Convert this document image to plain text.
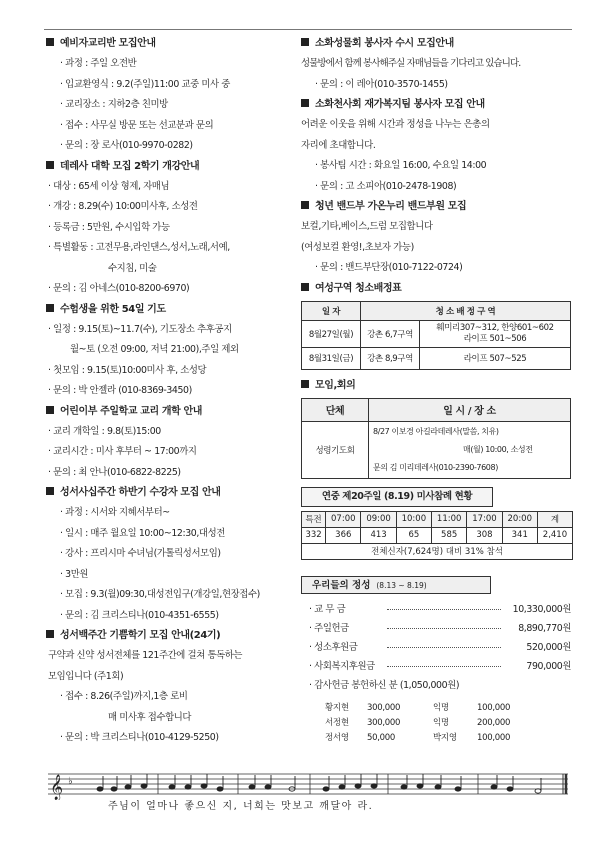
예비자교리반 모집안내
· 과정 : 주일 오전반
· 입교환영식 : 9.2(주일)11:00 교중 미사 중
· 교리장소 : 지하2층 친미방
· 접수 : 사무실 방문 또는 선교분과 문의
· 문의 : 장 로사(010-9970-0282)
데레사 대학 모집 2학기 개강안내
· 대상 : 65세 이상 형제, 자매님
· 개강 : 8.29(수) 10:00미사후, 소성전
· 등록금 : 5만원, 수시입학 가능
· 특별활동 : 고전무용,라인댄스,성서,노래,서예,
수지침, 미술
· 문의 : 김 아네스(010-8200-6970)
수험생을 위한 54일 기도
· 일정 : 9.15(토)~11.7(수), 기도장소 추후공지
월~토 (오전 09:00, 저녁 21:00),주일 제외
· 첫모임 : 9.15(토)10:00미사 후, 소성당
· 문의 : 박 안젤라 (010-8369-3450)
어린이부 주일학교 교리 개학 안내
· 교리 개학일 : 9.8(토)15:00
· 교리시간 : 미사 후부터 ~ 17:00까지
· 문의 : 최 안나(010-6822-8225)
성서사십주간 하반기 수강자 모집 안내
· 과정 : 시서와 지혜서부터~
· 일시 : 매주 월요일 10:00~12:30,대성전
· 강사 : 프리시마 수녀님(가톨릭성서모임)
· 3만원
· 모집 : 9.3(월)09:30,대성전입구(개강일,현장접수)
· 문의 : 김 크리스티나(010-4351-6555)
성서백주간 기쁨학기 모집 안내(24기)
구약과 신약 성서전체를 121주간에 걸쳐 통독하는
모임입니다 (주1회)
· 접수 : 8.26(주일)까지,1층 로비
매 미사후 접수합니다
· 문의 : 박 크리스티나(010-4129-5250)
소화성물회 봉사자 수시 모집안내
성물방에서 함께 봉사해주실 자매님들을 기다리고 있습니다.
· 문의 : 이 레아(010-3570-1455)
소화천사회 재가복지팀 봉사자 모집 안내
어려운 이웃을 위해 시간과 정성을 나누는 은총의
자리에 초대합니다.
· 봉사팀 시간 : 화요일 16:00, 수요일 14:00
· 문의 : 고 소피아(010-2478-1908)
청년 밴드부 가온누리 밴드부원 모집
보컬,기타,베이스,드럼 모집합니다
(여성보컬 환영!,초보자 가능)
· 문의 : 밴드부단장(010-7122-0724)
여성구역 청소배정표
일 자	청 소 배 정 구 역	
8월27일(월)	강촌 6,7구역	훼미리307~312, 한양601~602
라이프 501~506
8월31일(금)	강촌 8,9구역	라이프 507~525
모임,회의
단체	일 시 / 장 소
성령기도회	8/27 이보경 아길라데레사(말씀, 치유)
매(월) 10:00, 소성전
문의 김 미리데레사(010-2390-7608)
연중 제20주일 (8.19) 미사참례 현황
특전	07:00	09:00	10:00	11:00	17:00	20:00	계
332	366	413	65	585	308	341	2,410
전체신자(7,624명) 대비 31% 참석							
우리들의 정성 (8.13 ~ 8.19)
· 교 무 금	10,330,000원
· 주일헌금	8,890,770원
· 성소후원금	520,000원
· 사회복지후원금	790,000원
· 감사헌금 봉헌하신 분 (1,050,000원)
황지현 300,000	익명	100,000
서정현 300,000	익명	200,000
정서영 50,000	박지영 100,000
𝄞 ♭
주님이 얼마나 좋으신 지, 너희는 맛보고 깨달아 라.
